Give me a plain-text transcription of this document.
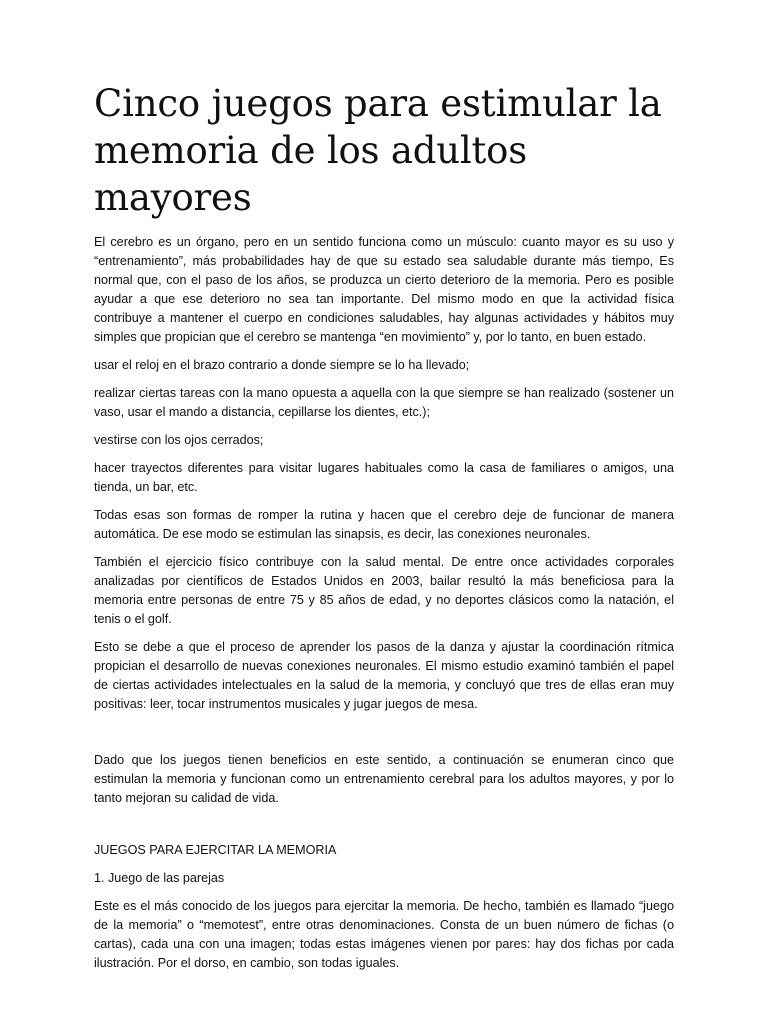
Cinco juegos para estimular la memoria de los adultos mayores

El cerebro es un órgano, pero en un sentido funciona como un músculo: cuanto mayor es su uso y “entrenamiento”, más probabilidades hay de que su estado sea saludable durante más tiempo, Es normal que, con el paso de los años, se produzca un cierto deterioro de la memoria. Pero es posible ayudar a que ese deterioro no sea tan importante. Del mismo modo en que la actividad física contribuye a mantener el cuerpo en condiciones saludables, hay algunas actividades y hábitos muy simples que propician que el cerebro se mantenga “en movimiento” y, por lo tanto, en buen estado.

usar el reloj en el brazo contrario a donde siempre se lo ha llevado;

realizar ciertas tareas con la mano opuesta a aquella con la que siempre se han realizado (sostener un vaso, usar el mando a distancia, cepillarse los dientes, etc.);

vestirse con los ojos cerrados;

hacer trayectos diferentes para visitar lugares habituales como la casa de familiares o amigos, una tienda, un bar, etc.

Todas esas son formas de romper la rutina y hacen que el cerebro deje de funcionar de manera automática. De ese modo se estimulan las sinapsis, es decir, las conexiones neuronales.

También el ejercicio físico contribuye con la salud mental. De entre once actividades corporales analizadas por científicos de Estados Unidos en 2003, bailar resultó la más beneficiosa para la memoria entre personas de entre 75 y 85 años de edad, y no deportes clásicos como la natación, el tenis o el golf.

Esto se debe a que el proceso de aprender los pasos de la danza y ajustar la coordinación rítmica propician el desarrollo de nuevas conexiones neuronales. El mismo estudio examinó también el papel de ciertas actividades intelectuales en la salud de la memoria, y concluyó que tres de ellas eran muy positivas: leer, tocar instrumentos musicales y jugar juegos de mesa.

Dado que los juegos tienen beneficios en este sentido, a continuación se enumeran cinco que estimulan la memoria y funcionan como un entrenamiento cerebral para los adultos mayores, y por lo tanto mejoran su calidad de vida.

JUEGOS PARA EJERCITAR LA MEMORIA

1. Juego de las parejas

Este es el más conocido de los juegos para ejercitar la memoria. De hecho, también es llamado “juego de la memoria” o “memotest”, entre otras denominaciones. Consta de un buen número de fichas (o cartas), cada una con una imagen; todas estas imágenes vienen por pares: hay dos fichas por cada ilustración. Por el dorso, en cambio, son todas iguales.
